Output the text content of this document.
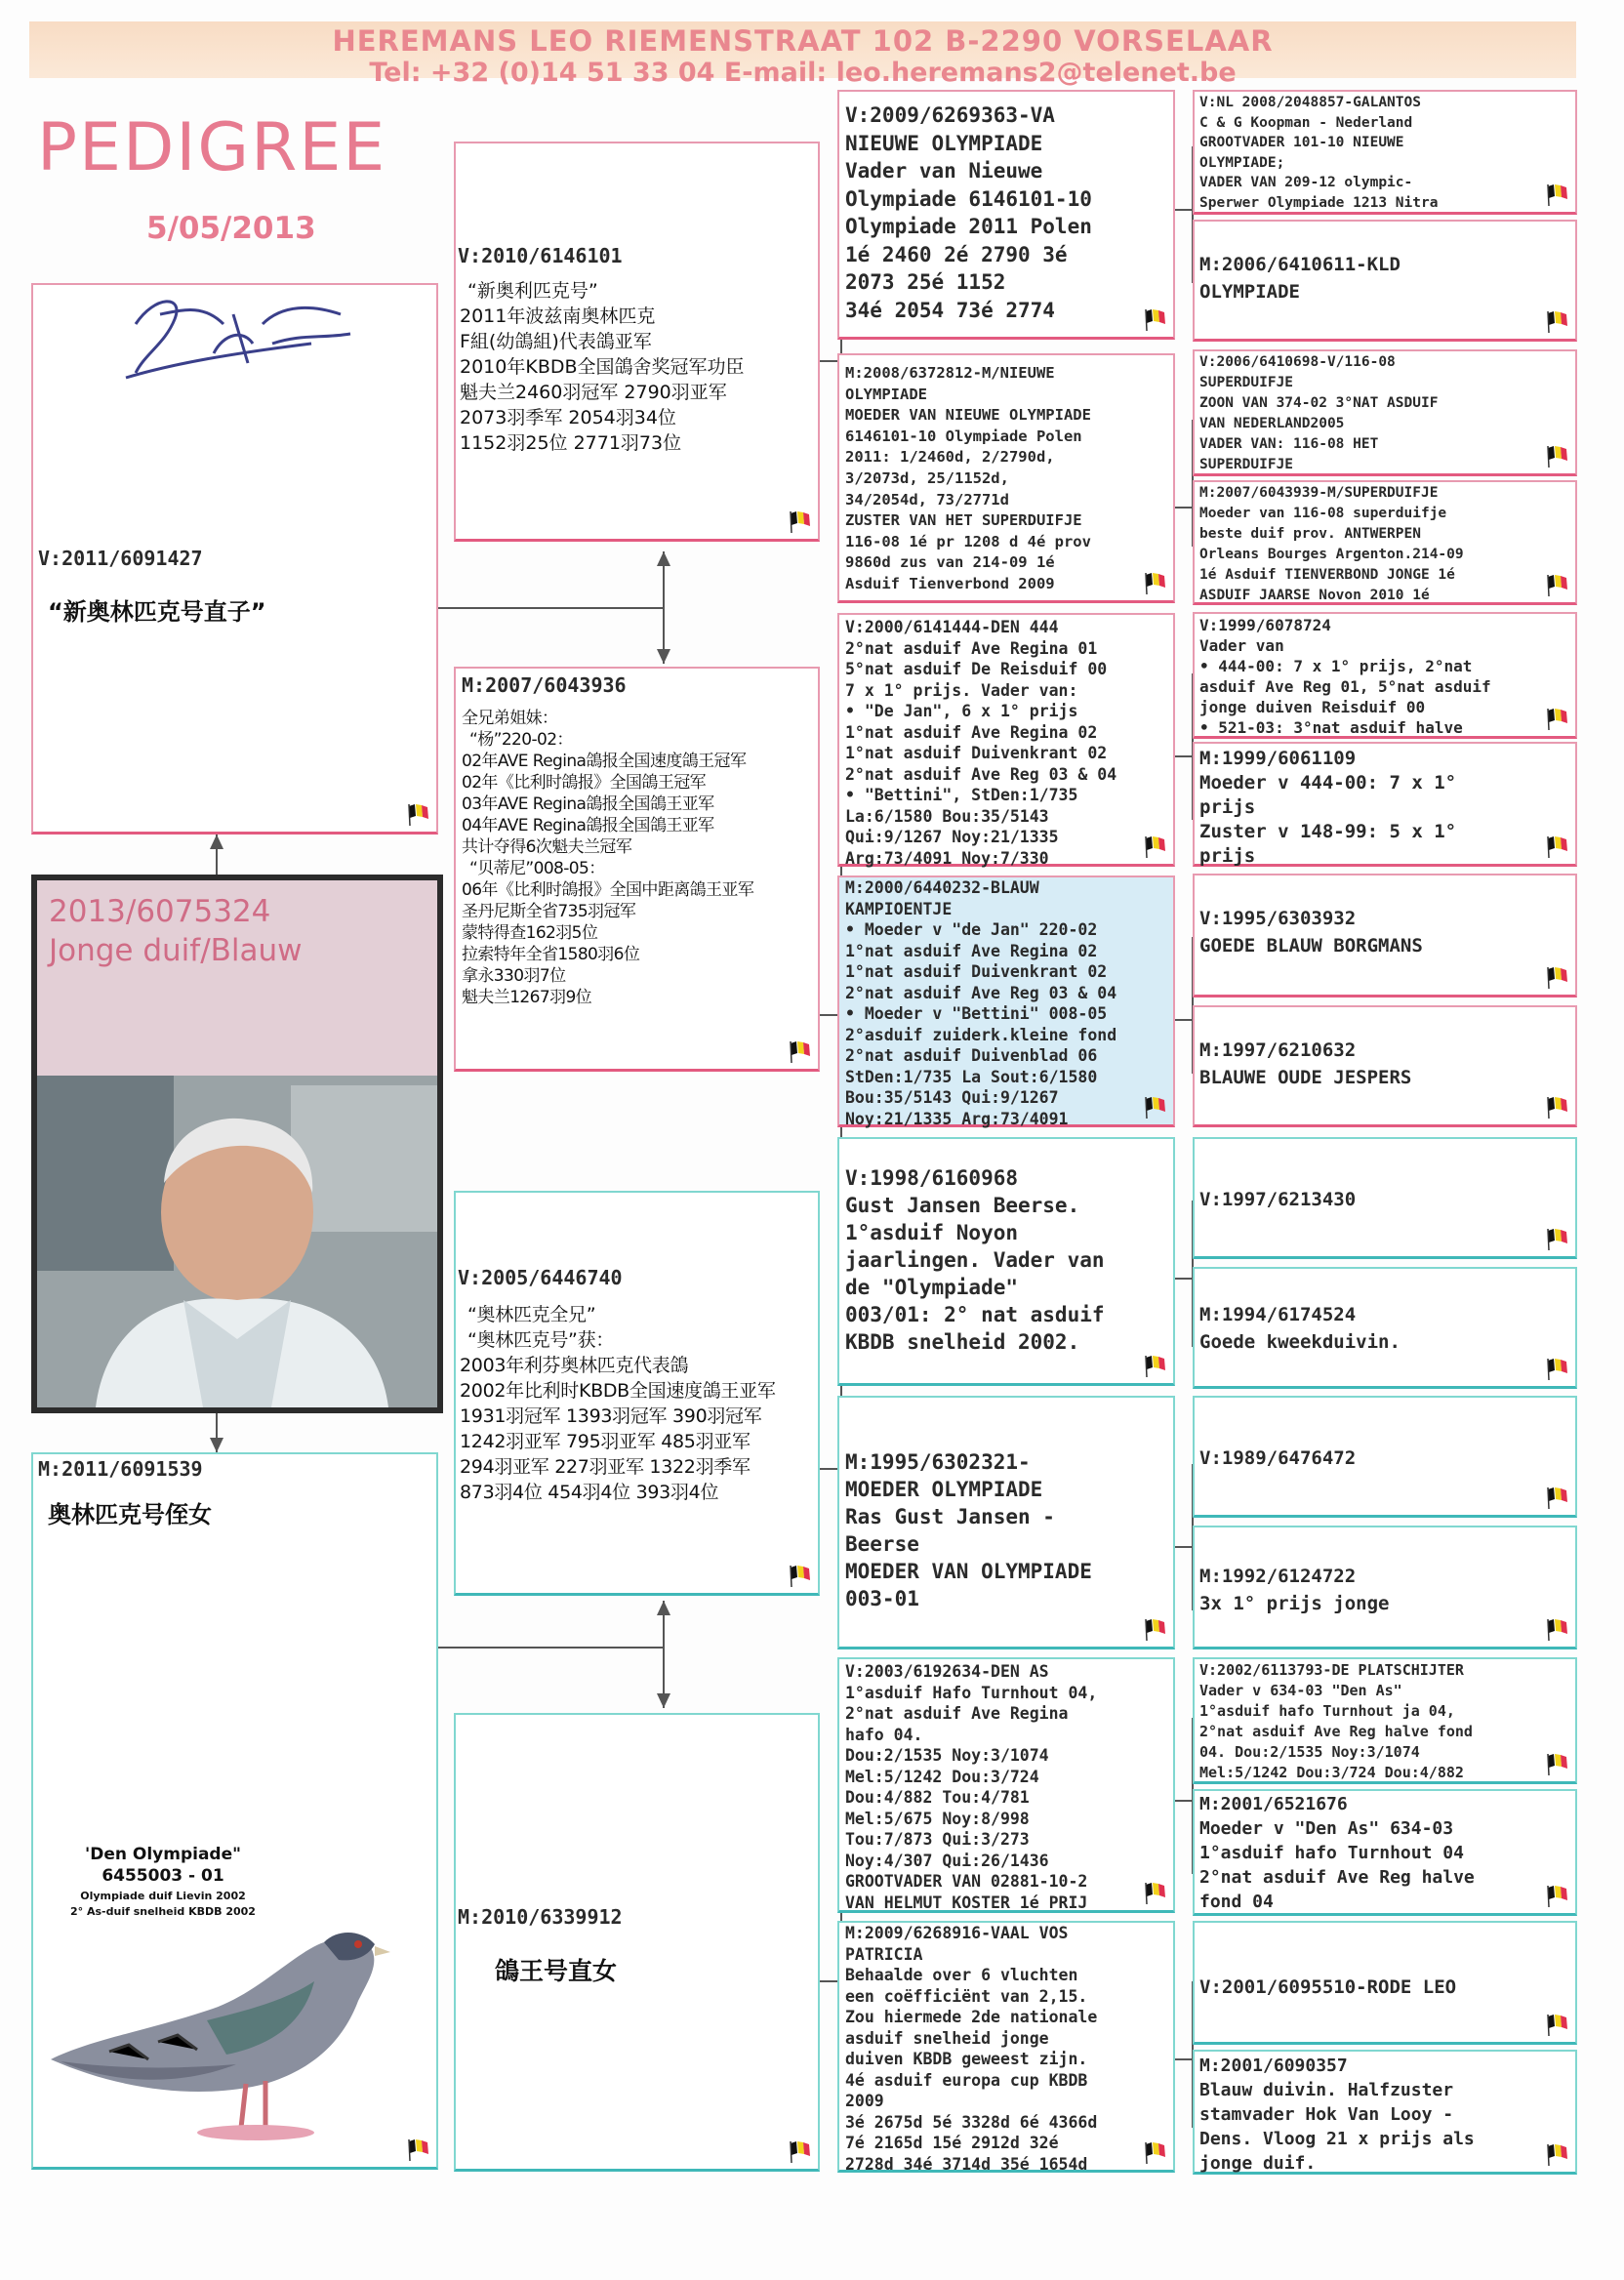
HEREMANS LEO RIEMENSTRAAT 102 B-2290 VORSELAAR
Tel: +32 (0)14 51 33 04 E-mail: leo.heremans2@telenet.be
PEDIGREE
5/05/2013
V:2011/6091427
“新奥林匹克号直子”
2013/6075324
Jonge duif/Blauw
M:2011/6091539
奥林匹克号侄女
'Den Olympiade"
6455003 - 01
Olympiade duif Lievin 2002
2° As-duif snelheid KBDB 2002
V:2010/6146101
“新奥利匹克号”
2011年波兹南奥林匹克
F組(幼鴿組)代表鴿亚军
2010年KBDB全国鴿舍奖冠军功臣
魁夫兰2460羽冠军 2790羽亚军
2073羽季军 2054羽34位
1152羽25位 2771羽73位
M:2007/6043936
全兄弟姐妹：
“杨”220-02：
02年AVE Regina鴿报全国速度鴿王冠军
02年《比利时鴿报》全国鴿王冠军
03年AVE Regina鴿报全国鴿王亚军
04年AVE Regina鴿报全国鴿王亚军
共计夺得6次魁夫兰冠军
“贝蒂尼”008-05：
06年《比利时鴿报》全国中距离鴿王亚军
圣丹尼斯全省735羽冠军
蒙特得查162羽5位
拉索特年全省1580羽6位
拿永330羽7位
魁夫兰1267羽9位
V:2005/6446740
“奥林匹克全兄”
“奥林匹克号”获：
2003年利芬奥林匹克代表鴿
2002年比利时KBDB全国速度鴿王亚军
1931羽冠军 1393羽冠军 390羽冠军
1242羽亚军 795羽亚军 485羽亚军
294羽亚军 227羽亚军 1322羽季军
873羽4位 454羽4位 393羽4位
M:2010/6339912
鴿王号直女
V:2009/6269363-VA
NIEUWE OLYMPIADE
Vader van Nieuwe
Olympiade 6146101-10
Olympiade 2011 Polen
1é 2460 2é 2790 3é
2073 25é 1152
34é 2054 73é 2774
M:2008/6372812-M/NIEUWE
OLYMPIADE
MOEDER VAN NIEUWE OLYMPIADE
6146101-10 Olympiade Polen
2011: 1/2460d, 2/2790d,
3/2073d, 25/1152d,
34/2054d, 73/2771d
ZUSTER VAN HET SUPERDUIFJE
116-08 1é pr 1208 d 4é prov
9860d zus van 214-09 1é
Asduif Tienverbond 2009
V:2000/6141444-DEN 444
2°nat asduif Ave Regina 01
5°nat asduif De Reisduif 00
7 x 1° prijs. Vader van:
• "De Jan", 6 x 1° prijs
1°nat asduif Ave Regina 02
1°nat asduif Duivenkrant 02
2°nat asduif Ave Reg 03 & 04
• "Bettini", StDen:1/735
La:6/1580 Bou:35/5143
Qui:9/1267 Noy:21/1335
Arg:73/4091 Noy:7/330
M:2000/6440232-BLAUW
KAMPIOENTJE
• Moeder v "de Jan" 220-02
1°nat asduif Ave Regina 02
1°nat asduif Duivenkrant 02
2°nat asduif Ave Reg 03 & 04
• Moeder v "Bettini" 008-05
2°asduif zuiderk.kleine fond
2°nat asduif Duivenblad 06
StDen:1/735 La Sout:6/1580
Bou:35/5143 Qui:9/1267
Noy:21/1335 Arg:73/4091
V:1998/6160968
Gust Jansen Beerse.
1°asduif Noyon
jaarlingen. Vader van
de "Olympiade"
003/01: 2° nat asduif
KBDB snelheid 2002.
M:1995/6302321-
MOEDER OLYMPIADE
Ras Gust Jansen -
Beerse
MOEDER VAN OLYMPIADE
003-01
V:2003/6192634-DEN AS
1°asduif Hafo Turnhout 04,
2°nat asduif Ave Regina
hafo 04.
Dou:2/1535 Noy:3/1074
Mel:5/1242 Dou:3/724
Dou:4/882 Tou:4/781
Mel:5/675 Noy:8/998
Tou:7/873 Qui:3/273
Noy:4/307 Qui:26/1436
GROOTVADER VAN 02881-10-2
VAN HELMUT KOSTER 1é PRIJ
M:2009/6268916-VAAL VOS
PATRICIA
Behaalde over 6 vluchten
een coëfficiënt van 2,15.
Zou hiermede 2de nationale
asduif snelheid jonge
duiven KBDB geweest zijn.
4é asduif europa cup KBDB
2009
3é 2675d 5é 3328d 6é 4366d
7é 2165d 15é 2912d 32é
2728d 34é 3714d 35é 1654d
V:NL 2008/2048857-GALANTOS
C & G Koopman - Nederland
GROOTVADER 101-10 NIEUWE
OLYMPIADE;
VADER VAN 209-12 olympic-
Sperwer Olympiade 1213 Nitra
M:2006/6410611-KLD
OLYMPIADE
V:2006/6410698-V/116-08
SUPERDUIFJE
ZOON VAN 374-02 3°NAT ASDUIF
VAN NEDERLAND2005
VADER VAN: 116-08 HET
SUPERDUIFJE
M:2007/6043939-M/SUPERDUIFJE
Moeder van 116-08 superduifje
beste duif prov. ANTWERPEN
Orleans Bourges Argenton.214-09
1é Asduif TIENVERBOND JONGE 1é
ASDUIF JAARSE Novon 2010 1é
V:1999/6078724
Vader van
• 444-00: 7 x 1° prijs, 2°nat
asduif Ave Reg 01, 5°nat asduif
jonge duiven Reisduif 00
• 521-03: 3°nat asduif halve
M:1999/6061109
Moeder v 444-00: 7 x 1°
prijs
Zuster v 148-99: 5 x 1°
prijs
V:1995/6303932
GOEDE BLAUW BORGMANS
M:1997/6210632
BLAUWE OUDE JESPERS
V:1997/6213430
M:1994/6174524
Goede kweekduivin.
V:1989/6476472
M:1992/6124722
3x 1° prijs jonge
V:2002/6113793-DE PLATSCHIJTER
Vader v 634-03 "Den As"
1°asduif hafo Turnhout ja 04,
2°nat asduif Ave Reg halve fond
04. Dou:2/1535 Noy:3/1074
Mel:5/1242 Dou:3/724 Dou:4/882
M:2001/6521676
Moeder v "Den As" 634-03
1°asduif hafo Turnhout 04
2°nat asduif Ave Reg halve
fond 04
V:2001/6095510-RODE LEO
M:2001/6090357
Blauw duivin. Halfzuster
stamvader Hok Van Looy -
Dens. Vloog 21 x prijs als
jonge duif.
